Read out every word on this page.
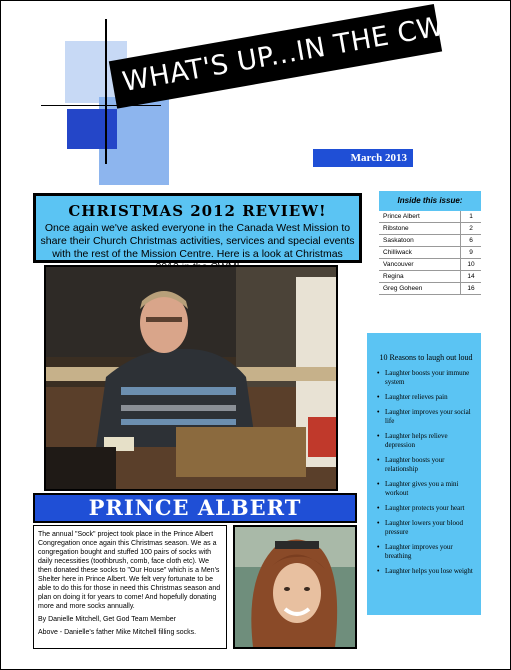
WHAT'S UP...IN THE CWM
March 2013
CHRISTMAS 2012 REVIEW!
Once again we've asked everyone in the Canada West Mission to share their Church Christmas activities, services and special events with the rest of the Mission Centre. Here is a look at Christmas
Inside this issue:
Prince Albert	1
Ribstone	2
Saskatoon	6
Chilliwack	9
Vancouver	10
Regina	14
Greg Goheen	16
10 Reasons to laugh out loud
• Laughter boosts your immune system
• Laughter relieves pain
• Laughter improves your social life
• Laughter helps relieve depression
• Laughter boosts your relationship
• Laughter gives you a mini workout
• Laughter protects your heart
• Laughter lowers your blood pressure
• Laughter improves your breathing
• Laughter helps you lose weight
PRINCE ALBERT

The annual "Sock" project took place in the Prince Albert Congregation once again this Christmas season. We as a congregation bought and stuffed 100 pairs of socks with daily necessities (toothbrush, comb, face cloth etc). We then donated these socks to "Our House" which is a Men's Shelter here in Prince Albert. We felt very fortunate to be able to do this for those in need this Christmas season and plan on doing it for years to come! And hopefully donating more and more socks annually.

By Danielle Mitchell, Get God Team Member

Above - Danielle's father Mike Mitchell filling socks.
